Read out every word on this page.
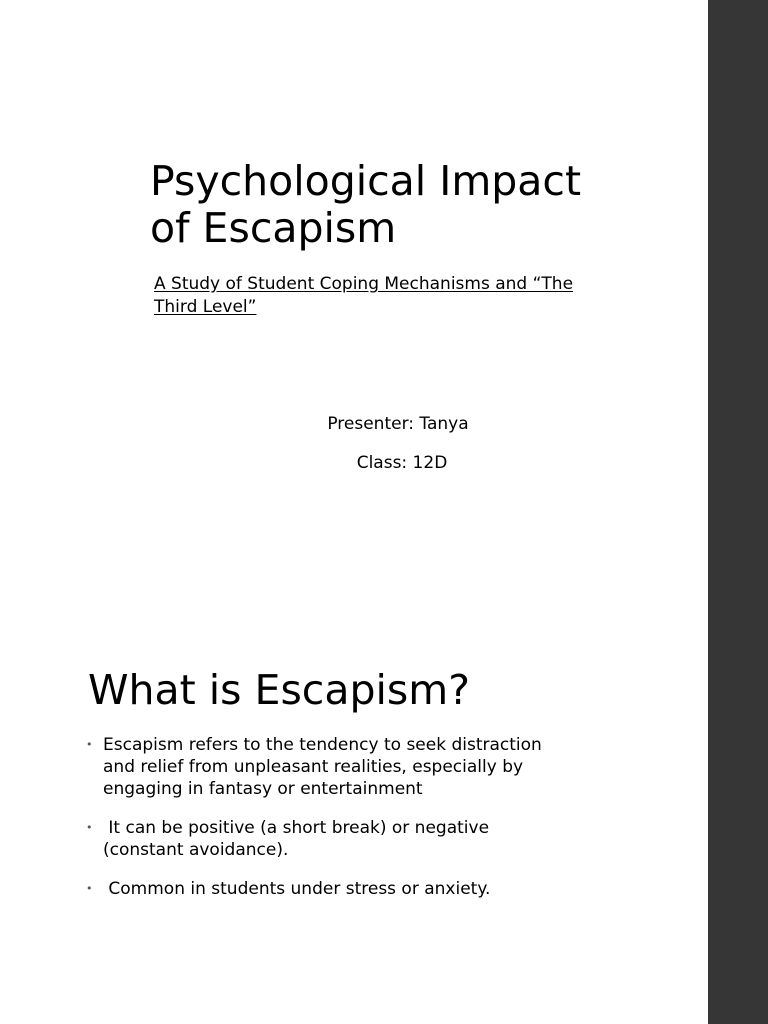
Psychological Impact
of Escapism

A Study of Student Coping Mechanisms and “The
Third Level”

Presenter: Tanya

Class: 12D

What is Escapism?
• Escapism refers to the tendency to seek distraction
and relief from unpleasant realities, especially by
engaging in fantasy or entertainment
• It can be positive (a short break) or negative
(constant avoidance).
• Common in students under stress or anxiety.
